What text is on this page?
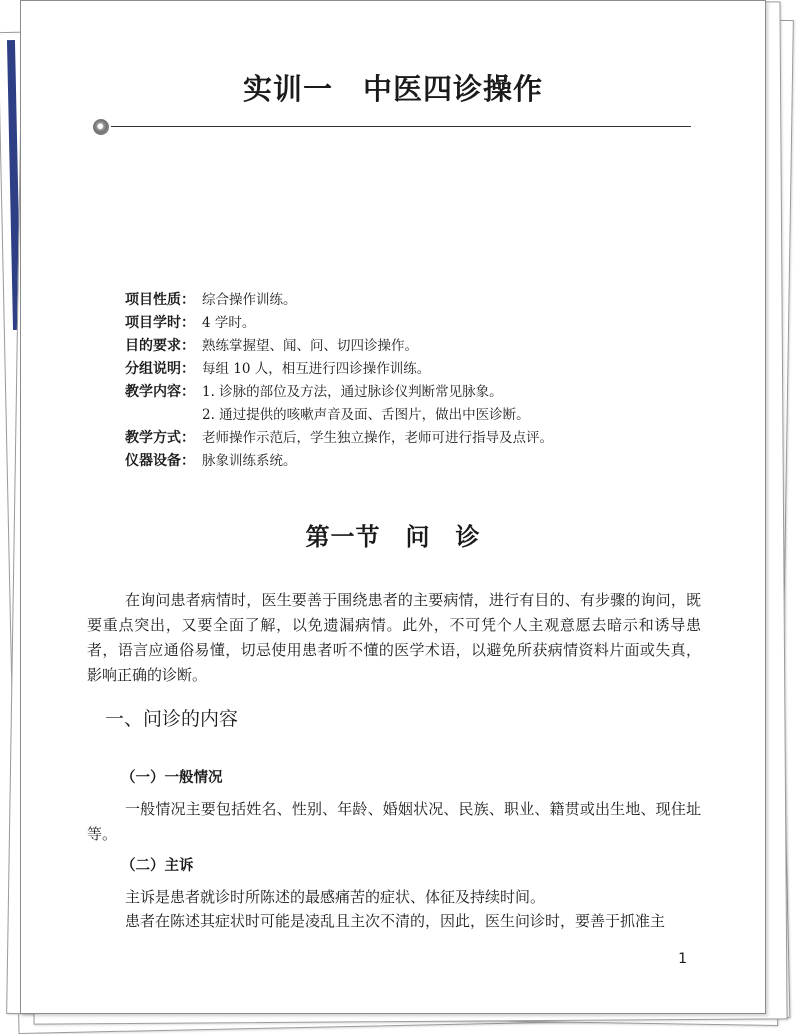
实训一　中医四诊操作
项目性质： 综合操作训练。
项目学时： 4 学时。
目的要求： 熟练掌握望、闻、问、切四诊操作。
分组说明： 每组 10 人，相互进行四诊操作训练。
教学内容： 1. 诊脉的部位及方法，通过脉诊仪判断常见脉象。
2. 通过提供的咳嗽声音及面、舌图片，做出中医诊断。
教学方式： 老师操作示范后，学生独立操作，老师可进行指导及点评。
仪器设备： 脉象训练系统。
第一节　问　诊
在询问患者病情时，医生要善于围绕患者的主要病情，进行有目的、有步骤的询问，既要重点突出，又要全面了解，以免遗漏病情。此外，不可凭个人主观意愿去暗示和诱导患者，语言应通俗易懂，切忌使用患者听不懂的医学术语，以避免所获病情资料片面或失真，影响正确的诊断。
一、问诊的内容
（一）一般情况
一般情况主要包括姓名、性别、年龄、婚姻状况、民族、职业、籍贯或出生地、现住址等。
（二）主诉
主诉是患者就诊时所陈述的最感痛苦的症状、体征及持续时间。
患者在陈述其症状时可能是凌乱且主次不清的，因此，医生问诊时，要善于抓准主
1
